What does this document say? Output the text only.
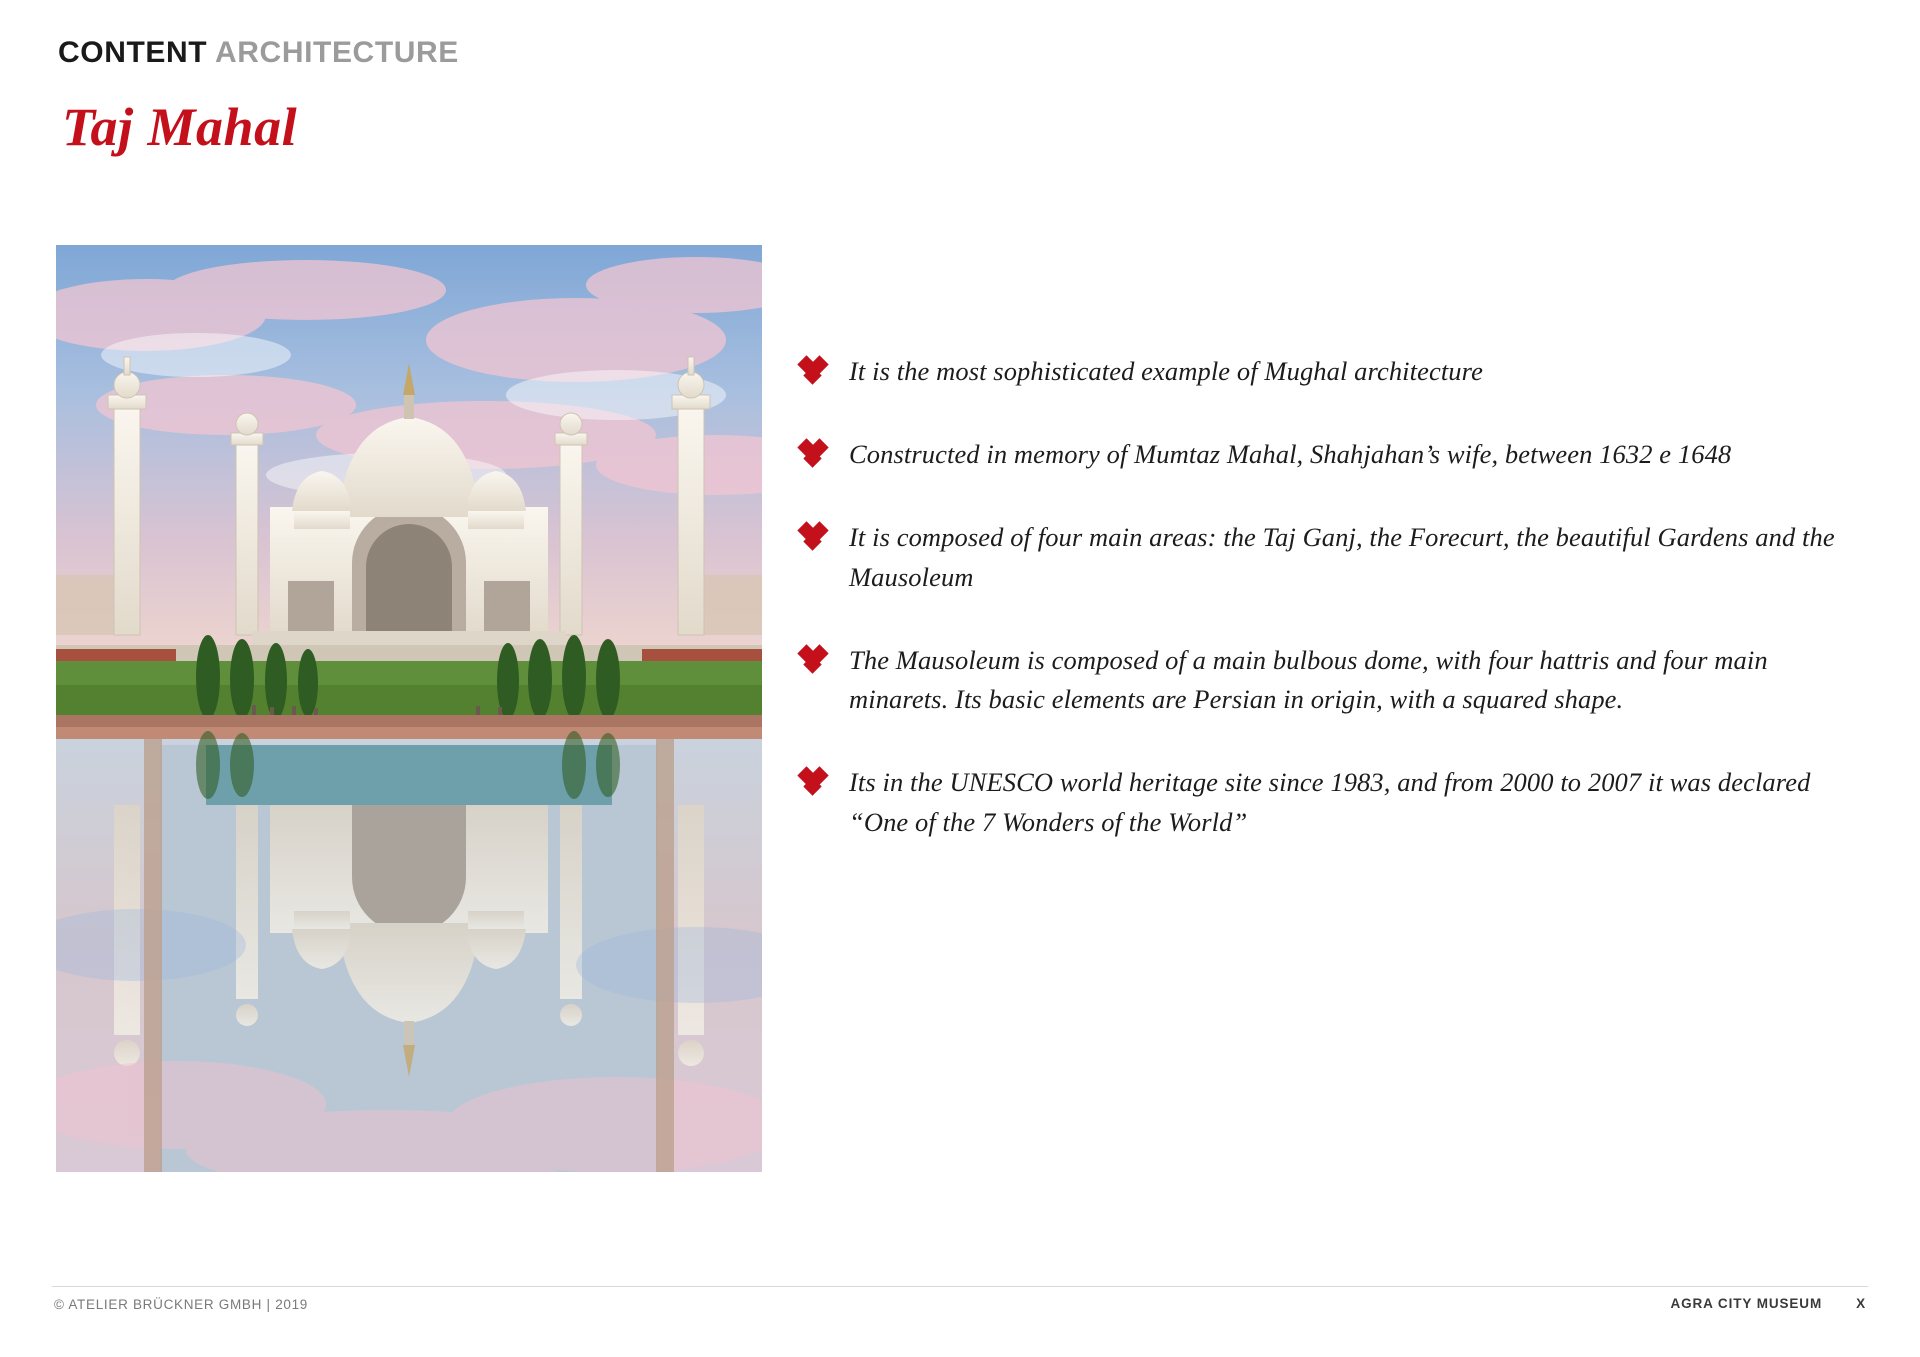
CONTENT ARCHITECTURE
Taj Mahal
It is the most sophisticated example of Mughal architecture
Constructed in memory of Mumtaz Mahal, Shahjahan’s wife, between 1632 e 1648
It is composed of four main areas: the Taj Ganj, the Forecurt, the beautiful Gardens and the Mausoleum
The Mausoleum is composed of a main bulbous dome, with four hattris and four main minarets. Its basic elements are Persian in origin, with a squared shape.
Its in the UNESCO world heritage site since 1983, and from 2000 to 2007 it was declared “One of the 7 Wonders of the World”
© ATELIER BRÜCKNER GMBH | 2019	AGRA CITY MUSEUM	X
